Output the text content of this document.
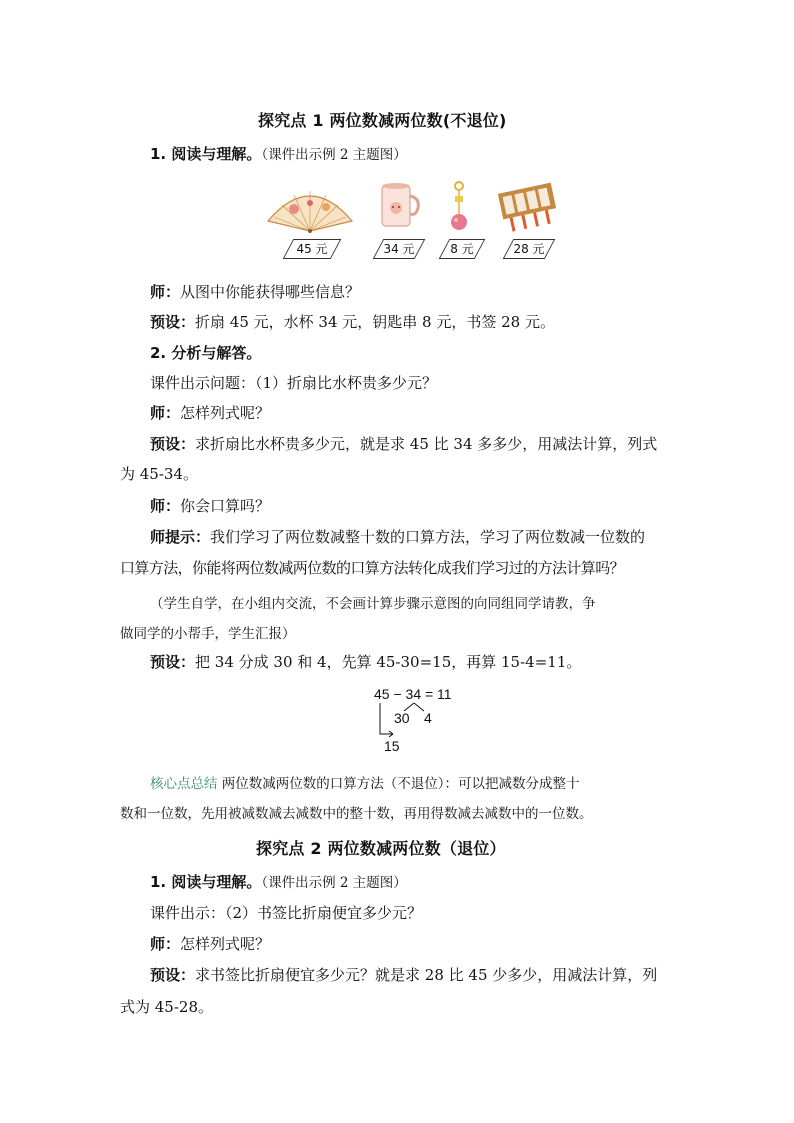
探究点 1 两位数减两位数(不退位)
1. 阅读与理解。（课件出示例 2 主题图）
45 元	34 元	8 元	28 元
师：从图中你能获得哪些信息？
预设：折扇 45 元，水杯 34 元，钥匙串 8 元，书签 28 元。
2. 分析与解答。
课件出示问题：（1）折扇比水杯贵多少元？
师：怎样列式呢？
预设：求折扇比水杯贵多少元，就是求 45 比 34 多多少，用减法计算，列式
为 45-34。
师：你会口算吗？
师提示：我们学习了两位数减整十数的口算方法，学习了两位数减一位数的
口算方法，你能将两位数减两位数的口算方法转化成我们学习过的方法计算吗？
（学生自学，在小组内交流，不会画计算步骤示意图的向同组同学请教，争
做同学的小帮手，学生汇报）
预设：把 34 分成 30 和 4，先算 45-30=15，再算 15-4=11。
45 − 34 = 11
30 4
15
核心点总结 两位数减两位数的口算方法（不退位）：可以把减数分成整十
数和一位数，先用被减数减去减数中的整十数，再用得数减去减数中的一位数。
探究点 2 两位数减两位数（退位）
1. 阅读与理解。（课件出示例 2 主题图）
课件出示：（2）书签比折扇便宜多少元？
师：怎样列式呢？
预设：求书签比折扇便宜多少元？就是求 28 比 45 少多少，用减法计算，列
式为 45-28。
